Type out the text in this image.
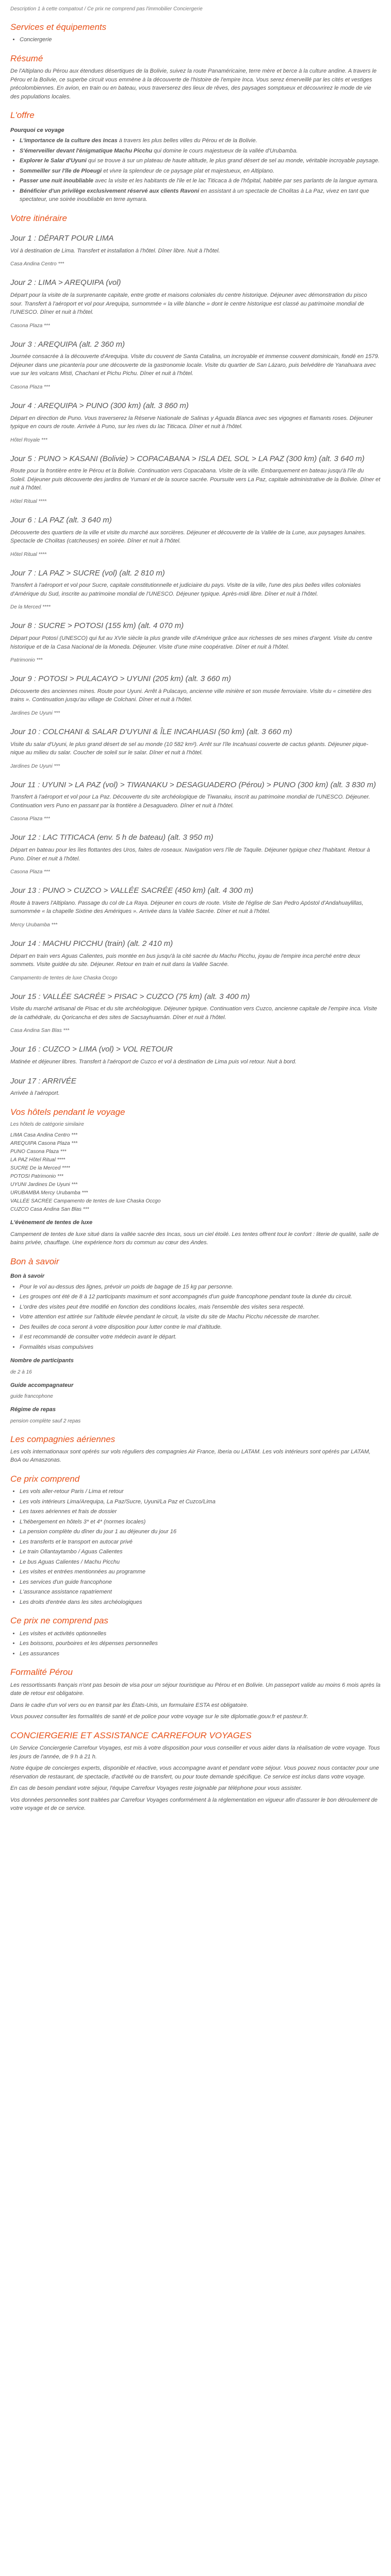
Description 1 à cette compatout / Ce prix ne comprend pas l'immobilier Conciergerie
Services et équipements
• Conciergerie
Résumé

De l'Altiplano du Pérou aux étendues désertiques de la Bolivie, suivez la route Panaméricaine, terre mère et berce à la culture andine. A travers le Pérou et la Bolivie, ce superbe circuit vous emmène à la découverte de l'histoire de l'empire Inca. Vous serez émerveillé par les cités et vestiges précolombiennes. En avion, en train ou en bateau, vous traverserez des lieux de rêves, des paysages somptueux et découvrirez le mode de vie des populations locales.

L'offre
Pourquoi ce voyage
• L'importance de la culture des Incas à travers les plus belles villes du Pérou et de la Bolivie.
• S'émerveiller devant l'énigmatique Machu Picchu qui domine le cours majestueux de la vallée d'Urubamba.
• Explorer le Salar d'Uyuni qui se trouve à sur un plateau de haute altitude, le plus grand désert de sel au monde, véritable incroyable paysage.
• Sommeiller sur l'île de Ploeugi et vivre la splendeur de ce paysage plat et majestueux, en Altiplano.
• Passer une nuit inoubliable avec la visite et les habitants de l'ile et le lac Titicaca à de l'hôpital, habitée par ses parlants de la langue aymara.
• Bénéficier d'un privilège exclusivement réservé aux clients Ravoni en assistant à un spectacle de Cholitas à La Paz, vivez en tant que spectateur, une soirée inoubliable en terre aymara.
Votre itinéraire
Jour 1 : DÉPART POUR LIMA

Vol à destination de Lima. Transfert et installation à l'hôtel. Dîner libre. Nuit à l'hôtel.

Casa Andina Centro ***

Jour 2 : LIMA > AREQUIPA (vol)

Départ pour la visite de la surprenante capitale, entre grotte et maisons coloniales du centre historique. Déjeuner avec démonstration du pisco sour. Transfert à l'aéroport et vol pour Arequipa, surnommée « la ville blanche » dont le centre historique est classé au patrimoine mondial de l'UNESCO. Dîner et nuit à l'hôtel.

Casona Plaza ***

Jour 3 : AREQUIPA (alt. 2 360 m)

Journée consacrée à la découverte d'Arequipa. Visite du couvent de Santa Catalina, un incroyable et immense couvent dominicain, fondé en 1579. Déjeuner dans une picantería pour une découverte de la gastronomie locale. Visite du quartier de San Lázaro, puis belvédère de Yanahuara avec vue sur les volcans Misti, Chachani et Pichu Pichu. Dîner et nuit à l'hôtel.

Casona Plaza ***

Jour 4 : AREQUIPA > PUNO (300 km) (alt. 3 860 m)

Départ en direction de Puno. Vous traverserez la Réserve Nationale de Salinas y Aguada Blanca avec ses vigognes et flamants roses. Déjeuner typique en cours de route. Arrivée à Puno, sur les rives du lac Titicaca. Dîner et nuit à l'hôtel.

Hôtel Royale ***

Jour 5 : PUNO > KASANI (Bolivie) > COPACABANA > ISLA DEL SOL > LA PAZ (300 km) (alt. 3 640 m)

Route pour la frontière entre le Pérou et la Bolivie. Continuation vers Copacabana. Visite de la ville. Embarquement en bateau jusqu'à l'île du Soleil. Déjeuner puis découverte des jardins de Yumani et de la source sacrée. Poursuite vers La Paz, capitale administrative de la Bolivie. Dîner et nuit à l'hôtel.

Hôtel Ritual ****

Jour 6 : LA PAZ (alt. 3 640 m)

Découverte des quartiers de la ville et visite du marché aux sorcières. Déjeuner et découverte de la Vallée de la Lune, aux paysages lunaires. Spectacle de Cholitas (catcheuses) en soirée. Dîner et nuit à l'hôtel.

Hôtel Ritual ****

Jour 7 : LA PAZ > SUCRE (vol) (alt. 2 810 m)

Transfert à l'aéroport et vol pour Sucre, capitale constitutionnelle et judiciaire du pays. Visite de la ville, l'une des plus belles villes coloniales d'Amérique du Sud, inscrite au patrimoine mondial de l'UNESCO. Déjeuner typique. Après-midi libre. Dîner et nuit à l'hôtel.

De la Merced ****

Jour 8 : SUCRE > POTOSI (155 km) (alt. 4 070 m)

Départ pour Potosí (UNESCO) qui fut au XVIe siècle la plus grande ville d'Amérique grâce aux richesses de ses mines d'argent. Visite du centre historique et de la Casa Nacional de la Moneda. Déjeuner. Visite d'une mine coopérative. Dîner et nuit à l'hôtel.

Patrimonio ***

Jour 9 : POTOSI > PULACAYO > UYUNI (205 km) (alt. 3 660 m)

Découverte des anciennes mines. Route pour Uyuni. Arrêt à Pulacayo, ancienne ville minière et son musée ferroviaire. Visite du « cimetière des trains ». Continuation jusqu'au village de Colchani. Dîner et nuit à l'hôtel.

Jardines De Uyuni ***

Jour 10 : COLCHANI & SALAR D'UYUNI & ÎLE INCAHUASI (50 km) (alt. 3 660 m)

Visite du salar d'Uyuni, le plus grand désert de sel au monde (10 582 km²). Arrêt sur l'île Incahuasi couverte de cactus géants. Déjeuner pique-nique au milieu du salar. Coucher de soleil sur le salar. Dîner et nuit à l'hôtel.

Jardines De Uyuni ***

Jour 11 : UYUNI > LA PAZ (vol) > TIWANAKU > DESAGUADERO (Pérou) > PUNO (300 km) (alt. 3 830 m)

Transfert à l'aéroport et vol pour La Paz. Découverte du site archéologique de Tiwanaku, inscrit au patrimoine mondial de l'UNESCO. Déjeuner. Continuation vers Puno en passant par la frontière à Desaguadero. Dîner et nuit à l'hôtel.

Casona Plaza ***

Jour 12 : LAC TITICACA (env. 5 h de bateau) (alt. 3 950 m)

Départ en bateau pour les îles flottantes des Uros, faites de roseaux. Navigation vers l'île de Taquile. Déjeuner typique chez l'habitant. Retour à Puno. Dîner et nuit à l'hôtel.

Casona Plaza ***

Jour 13 : PUNO > CUZCO > VALLÉE SACRÉE (450 km) (alt. 4 300 m)

Route à travers l'Altiplano. Passage du col de La Raya. Déjeuner en cours de route. Visite de l'église de San Pedro Apóstol d'Andahuaylillas, surnommée « la chapelle Sixtine des Amériques ». Arrivée dans la Vallée Sacrée. Dîner et nuit à l'hôtel.

Mercy Urubamba ***

Jour 14 : MACHU PICCHU (train) (alt. 2 410 m)

Départ en train vers Aguas Calientes, puis montée en bus jusqu'à la cité sacrée du Machu Picchu, joyau de l'empire inca perché entre deux sommets. Visite guidée du site. Déjeuner. Retour en train et nuit dans la Vallée Sacrée.

Campamento de tentes de luxe Chaska Occgo

Jour 15 : VALLÉE SACRÉE > PISAC > CUZCO (75 km) (alt. 3 400 m)

Visite du marché artisanal de Pisac et du site archéologique. Déjeuner typique. Continuation vers Cuzco, ancienne capitale de l'empire inca. Visite de la cathédrale, du Qoricancha et des sites de Sacsayhuamán. Dîner et nuit à l'hôtel.

Casa Andina San Blas ***

Jour 16 : CUZCO > LIMA (vol) > VOL RETOUR

Matinée et déjeuner libres. Transfert à l'aéroport de Cuzco et vol à destination de Lima puis vol retour. Nuit à bord.

Jour 17 : ARRIVÉE

Arrivée à l'aéroport.

Vos hôtels pendant le voyage

Les hôtels de catégorie similaire

LIMA Casa Andina Centro ***

AREQUIPA Casona Plaza ***

PUNO Casona Plaza ***

LA PAZ Hôtel Ritual ****

SUCRE De la Merced ****

POTOSI Patrimonio ***

UYUNI Jardines De Uyuni ***

URUBAMBA Mercy Urubamba ***

VALLÉE SACRÉE Campamento de tentes de luxe Chaska Occgo

CUZCO Casa Andina San Blas ***

L'évènement de tentes de luxe

Campement de tentes de luxe situé dans la vallée sacrée des Incas, sous un ciel étoilé. Les tentes offrent tout le confort : literie de qualité, salle de bains privée, chauffage. Une expérience hors du commun au cœur des Andes.

Bon à savoir
Bon à savoir
• Pour le vol au-dessus des lignes, prévoir un poids de bagage de 15 kg par personne.
• Les groupes ont été de 8 à 12 participants maximum et sont accompagnés d'un guide francophone pendant toute la durée du circuit.
• L'ordre des visites peut être modifié en fonction des conditions locales, mais l'ensemble des visites sera respecté.
• Votre attention est attirée sur l'altitude élevée pendant le circuit, la visite du site de Machu Picchu nécessite de marcher.
• Des feuilles de coca seront à votre disposition pour lutter contre le mal d'altitude.
• Il est recommandé de consulter votre médecin avant le départ.
• Formalités visas compulsives
Nombre de participants

de 2 à 16

Guide accompagnateur

guide francophone

Régime de repas

pension complète sauf 2 repas

Les compagnies aériennes

Les vols internationaux sont opérés sur vols réguliers des compagnies Air France, Iberia ou LATAM. Les vols intérieurs sont opérés par LATAM, BoA ou Amaszonas.

Ce prix comprend
• Les vols aller-retour Paris / Lima et retour
• Les vols intérieurs Lima/Arequipa, La Paz/Sucre, Uyuni/La Paz et Cuzco/Lima
• Les taxes aériennes et frais de dossier
• L'hébergement en hôtels 3* et 4* (normes locales)
• La pension complète du dîner du jour 1 au déjeuner du jour 16
• Les transferts et le transport en autocar privé
• Le train Ollantaytambo / Aguas Calientes
• Le bus Aguas Calientes / Machu Picchu
• Les visites et entrées mentionnées au programme
• Les services d'un guide francophone
• L'assurance assistance rapatriement
• Les droits d'entrée dans les sites archéologiques
Ce prix ne comprend pas
• Les visites et activités optionnelles
• Les boissons, pourboires et les dépenses personnelles
• Les assurances
Formalité Pérou

Les ressortissants français n'ont pas besoin de visa pour un séjour touristique au Pérou et en Bolivie. Un passeport valide au moins 6 mois après la date de retour est obligatoire.

Dans le cadre d'un vol vers ou en transit par les États-Unis, un formulaire ESTA est obligatoire.

Vous pouvez consulter les formalités de santé et de police pour votre voyage sur le site diplomatie.gouv.fr et pasteur.fr.

CONCIERGERIE ET ASSISTANCE CARREFOUR VOYAGES

Un Service Conciergerie Carrefour Voyages, est mis à votre disposition pour vous conseiller et vous aider dans la réalisation de votre voyage. Tous les jours de l'année, de 9 h à 21 h.

Notre équipe de concierges experts, disponible et réactive, vous accompagne avant et pendant votre séjour. Vous pouvez nous contacter pour une réservation de restaurant, de spectacle, d'activité ou de transfert, ou pour toute demande spécifique. Ce service est inclus dans votre voyage.

En cas de besoin pendant votre séjour, l'équipe Carrefour Voyages reste joignable par téléphone pour vous assister.

Vos données personnelles sont traitées par Carrefour Voyages conformément à la réglementation en vigueur afin d'assurer le bon déroulement de votre voyage et de ce service.
